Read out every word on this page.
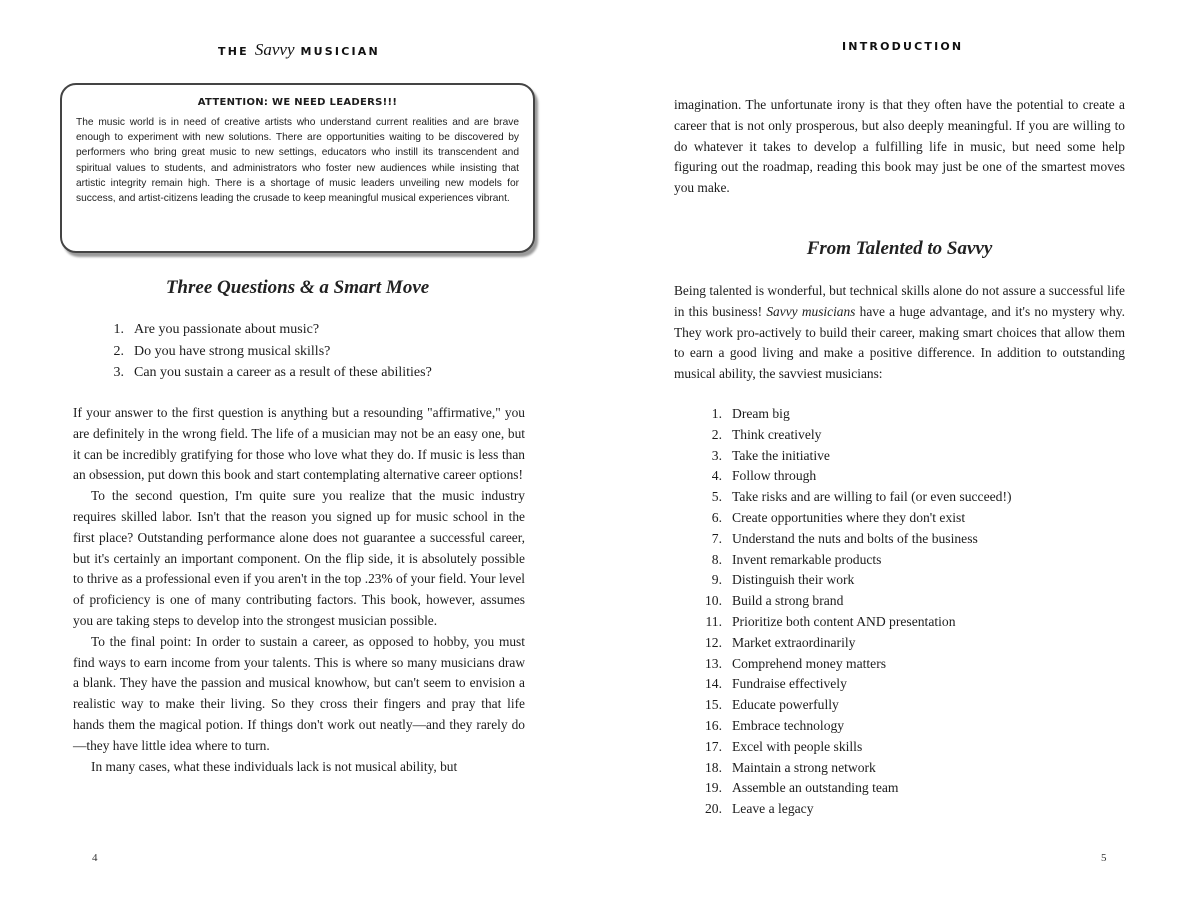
THE Savvy MUSICIAN

ATTENTION: WE NEED LEADERS!!!

The music world is in need of creative artists who understand current realities and are brave enough to experiment with new solutions. There are opportunities waiting to be discovered by performers who bring great music to new settings, educators who instill its transcendent and spiritual values to students, and administrators who foster new audiences while insisting that artistic integrity remain high. There is a shortage of music leaders unveiling new models for success, and artist-citizens leading the crusade to keep meaningful musical experiences vibrant.

Three Questions & a Smart Move
1. Are you passionate about music?
2. Do you have strong musical skills?
3. Can you sustain a career as a result of these abilities?

If your answer to the first question is anything but a resounding "affirmative," you are definitely in the wrong field. The life of a musician may not be an easy one, but it can be incredibly gratifying for those who love what they do. If music is less than an obsession, put down this book and start contemplating alternative career options!

To the second question, I'm quite sure you realize that the music industry requires skilled labor. Isn't that the reason you signed up for music school in the first place? Outstanding performance alone does not guarantee a successful career, but it's certainly an important component. On the flip side, it is absolutely possible to thrive as a professional even if you aren't in the top .23% of your field. Your level of proficiency is one of many contributing factors. This book, however, assumes you are taking steps to develop into the strongest musician possible.

To the final point: In order to sustain a career, as opposed to hobby, you must find ways to earn income from your talents. This is where so many musicians draw a blank. They have the passion and musical knowhow, but can't seem to envision a realistic way to make their living. So they cross their fingers and pray that life hands them the magical potion. If things don't work out neatly—and they rarely do—they have little idea where to turn.

In many cases, what these individuals lack is not musical ability, but

4
INTRODUCTION

imagination. The unfortunate irony is that they often have the potential to create a career that is not only prosperous, but also deeply meaningful. If you are willing to do whatever it takes to develop a fulfilling life in music, but need some help figuring out the roadmap, reading this book may just be one of the smartest moves you make.

From Talented to Savvy

Being talented is wonderful, but technical skills alone do not assure a successful life in this business! Savvy musicians have a huge advantage, and it's no mystery why. They work pro-actively to build their career, making smart choices that allow them to earn a good living and make a positive difference. In addition to outstanding musical ability, the savviest musicians:

1. Dream big
2. Think creatively
3. Take the initiative
4. Follow through
5. Take risks and are willing to fail (or even succeed!)
6. Create opportunities where they don't exist
7. Understand the nuts and bolts of the business
8. Invent remarkable products
9. Distinguish their work
10. Build a strong brand
11. Prioritize both content AND presentation
12. Market extraordinarily
13. Comprehend money matters
14. Fundraise effectively
15. Educate powerfully
16. Embrace technology
17. Excel with people skills
18. Maintain a strong network
19. Assemble an outstanding team
20. Leave a legacy
5
